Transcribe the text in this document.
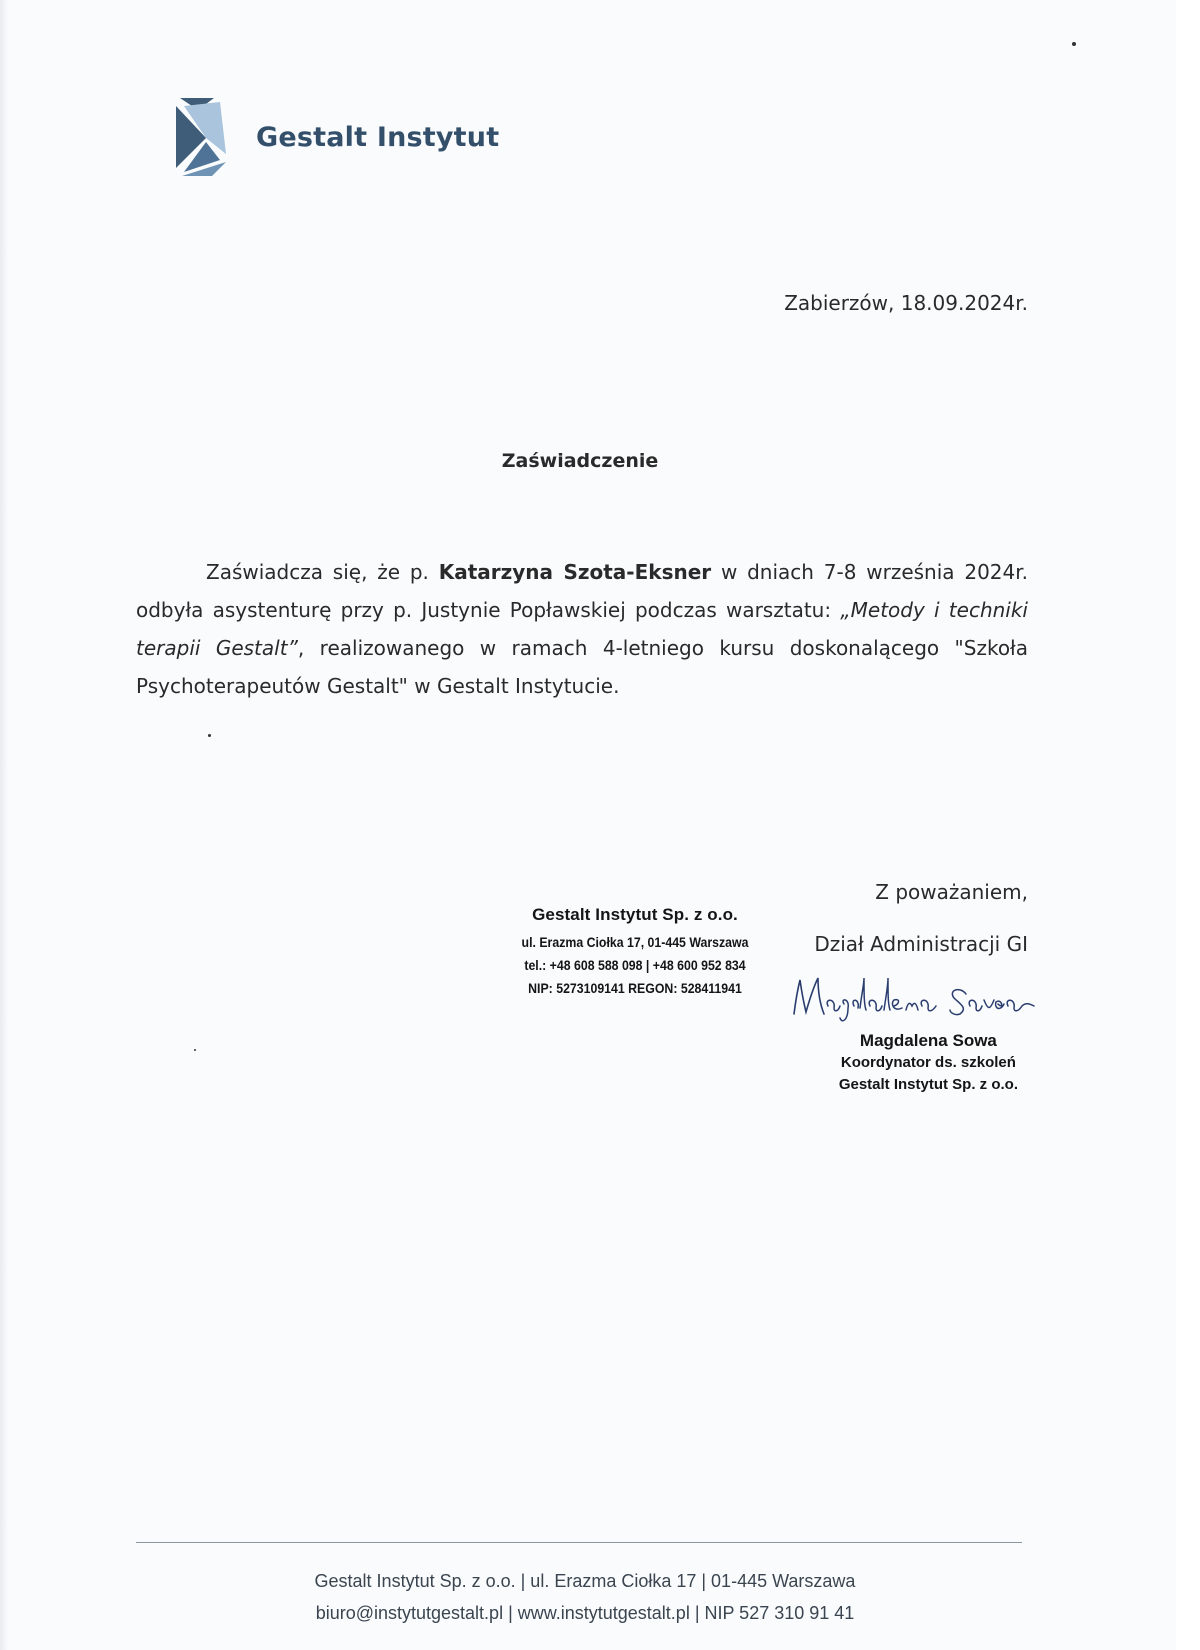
Gestalt Instytut
Zabierzów, 18.09.2024r.
Zaświadczenie
Zaświadcza się, że p. Katarzyna Szota-Eksner w dniach 7-8 września 2024r. odbyła asystenturę przy p. Justynie Popławskiej podczas warsztatu: „Metody i techniki terapii Gestalt”, realizowanego w ramach 4-letniego kursu doskonalącego "Szkoła Psychoterapeutów Gestalt" w Gestalt Instytucie.
Z poważaniem,
Dział Administracji GI
Gestalt Instytut Sp. z o.o.
ul. Erazma Ciołka 17, 01-445 Warszawa
tel.: +48 608 588 098 | +48 600 952 834
NIP: 5273109141 REGON: 528411941
Magdalena Sowa
Koordynator ds. szkoleń
Gestalt Instytut Sp. z o.o.
Gestalt Instytut Sp. z o.o. | ul. Erazma Ciołka 17 | 01-445 Warszawa
biuro@instytutgestalt.pl | www.instytutgestalt.pl | NIP 527 310 91 41
